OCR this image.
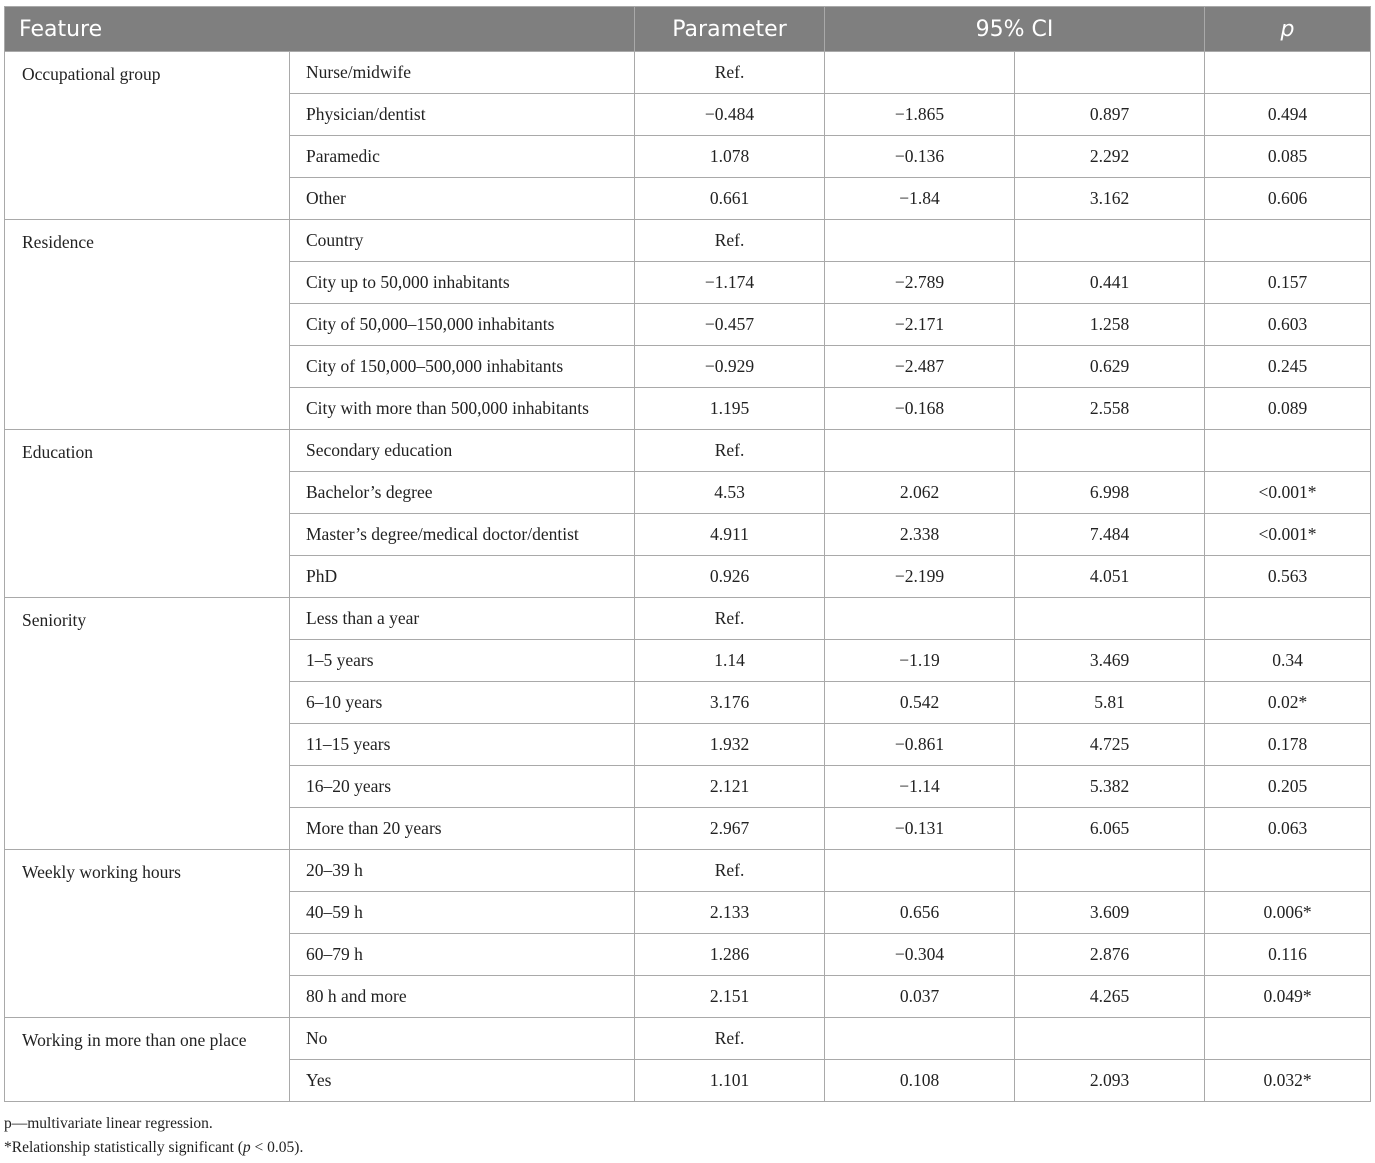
Feature		Parameter	95% CI		p
Occupational group	Nurse/midwife	Ref.			
	Physician/dentist	−0.484	−1.865	0.897	0.494
	Paramedic	1.078	−0.136	2.292	0.085
	Other	0.661	−1.84	3.162	0.606
Residence	Country	Ref.			
	City up to 50,000 inhabitants	−1.174	−2.789	0.441	0.157
	City of 50,000–150,000 inhabitants	−0.457	−2.171	1.258	0.603
	City of 150,000–500,000 inhabitants	−0.929	−2.487	0.629	0.245
	City with more than 500,000 inhabitants	1.195	−0.168	2.558	0.089
Education	Secondary education	Ref.			
	Bachelor’s degree	4.53	2.062	6.998	<0.001*
	Master’s degree/medical doctor/dentist	4.911	2.338	7.484	<0.001*
	PhD	0.926	−2.199	4.051	0.563
Seniority	Less than a year	Ref.			
	1–5 years	1.14	−1.19	3.469	0.34
	6–10 years	3.176	0.542	5.81	0.02*
	11–15 years	1.932	−0.861	4.725	0.178
	16–20 years	2.121	−1.14	5.382	0.205
	More than 20 years	2.967	−0.131	6.065	0.063
Weekly working hours	20–39 h	Ref.			
	40–59 h	2.133	0.656	3.609	0.006*
	60–79 h	1.286	−0.304	2.876	0.116
	80 h and more	2.151	0.037	4.265	0.049*
Working in more than one place	No	Ref.			
	Yes	1.101	0.108	2.093	0.032*
p—multivariate linear regression.
*Relationship statistically significant (p < 0.05).
